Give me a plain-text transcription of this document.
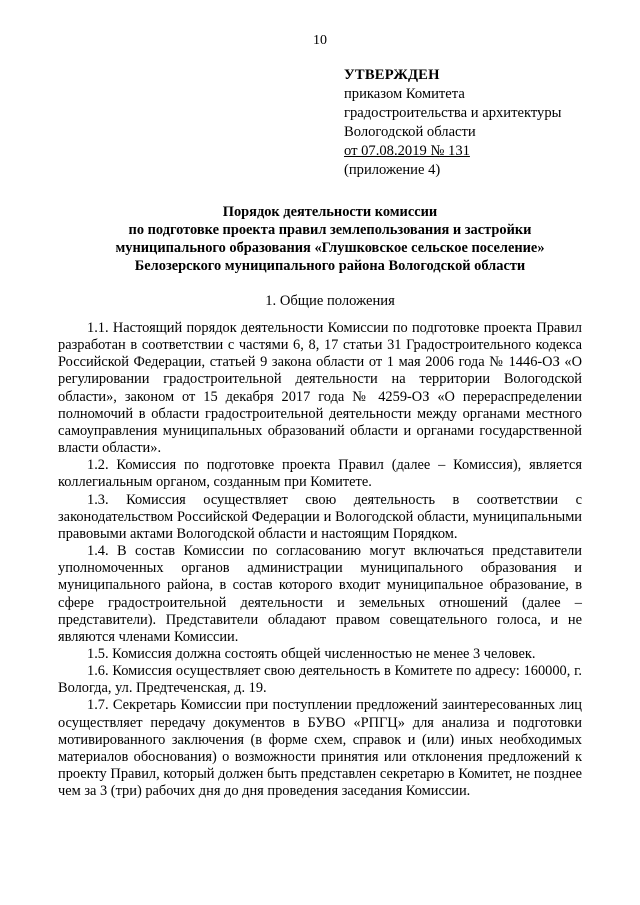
10
УТВЕРЖДЕН
приказом Комитета
градостроительства и архитектуры
Вологодской области
от 07.08.2019 № 131
(приложение 4)
Порядок деятельности комиссии
по подготовке проекта правил землепользования и застройки
муниципального образования «Глушковское сельское поселение»
Белозерского муниципального района Вологодской области
1. Общие положения

1.1. Настоящий порядок деятельности Комиссии по подготовке проекта Правил разработан в соответствии с частями 6, 8, 17 статьи 31 Градостроительного кодекса Российской Федерации, статьей 9 закона области от 1 мая 2006 года № 1446-ОЗ «О регулировании градостроительной деятельности на территории Вологодской области», законом от 15 декабря 2017 года № 4259-ОЗ «О перераспределении полномочий в области градостроительной деятельности между органами местного самоуправления муниципальных образований области и органами государственной власти области».

1.2. Комиссия по подготовке проекта Правил (далее – Комиссия), является коллегиальным органом, созданным при Комитете.

1.3. Комиссия осуществляет свою деятельность в соответствии с законодательством Российской Федерации и Вологодской области, муниципальными правовыми актами Вологодской области и настоящим Порядком.

1.4. В состав Комиссии по согласованию могут включаться представители уполномоченных органов администрации муниципального образования и муниципального района, в состав которого входит муниципальное образование, в сфере градостроительной деятельности и земельных отношений (далее – представители). Представители обладают правом совещательного голоса, и не являются членами Комиссии.

1.5. Комиссия должна состоять общей численностью не менее 3 человек.

1.6. Комиссия осуществляет свою деятельность в Комитете по адресу: 160000, г. Вологда, ул. Предтеченская, д. 19.

1.7. Секретарь Комиссии при поступлении предложений заинтересованных лиц осуществляет передачу документов в БУВО «РПГЦ» для анализа и подготовки мотивированного заключения (в форме схем, справок и (или) иных необходимых материалов обоснования) о возможности принятия или отклонения предложений к проекту Правил, который должен быть представлен секретарю в Комитет, не позднее чем за 3 (три) рабочих дня до дня проведения заседания Комиссии.
